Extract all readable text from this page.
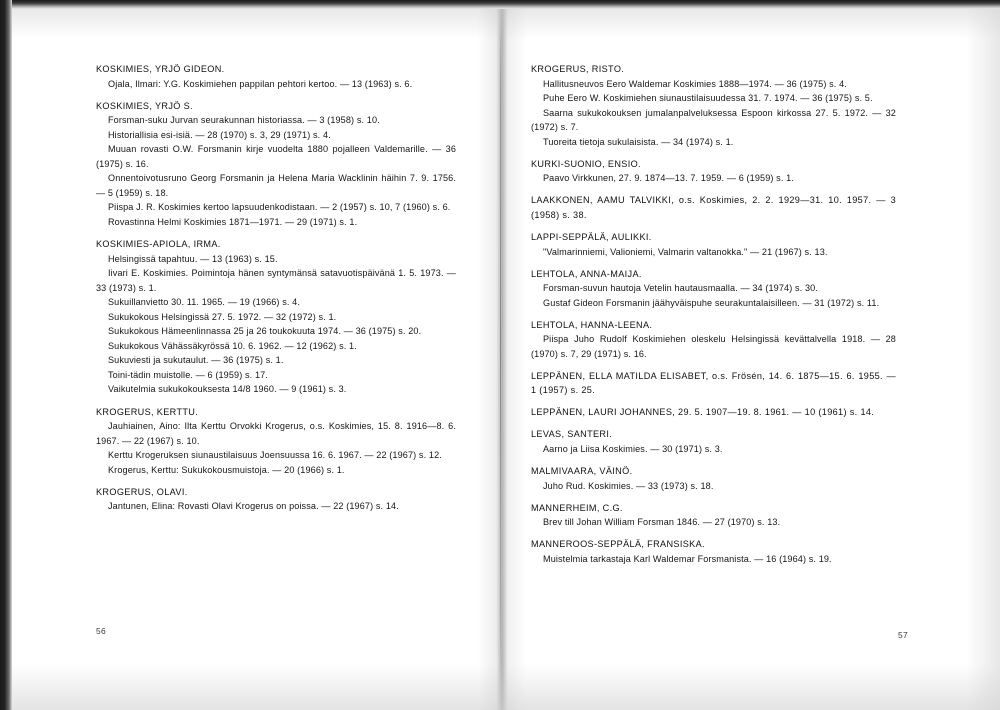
KOSKIMIES, YRJÖ GIDEON.

Ojala, Ilmari: Y.G. Koskimiehen pappilan pehtori kertoo. — 13 (1963) s. 6.

KOSKIMIES, YRJÖ S.

Forsman-suku Jurvan seurakunnan historiassa. — 3 (1958) s. 10.

Historiallisia esi-isiä. — 28 (1970) s. 3, 29 (1971) s. 4.

Muuan rovasti O.W. Forsmanin kirje vuodelta 1880 pojalleen Valdemarille. — 36 (1975) s. 16.

Onnentoivotusruno Georg Forsmanin ja Helena Maria Wacklinin häihin 7. 9. 1756. — 5 (1959) s. 18.

Piispa J. R. Koskimies kertoo lapsuudenkodistaan. — 2 (1957) s. 10, 7 (1960) s. 6.

Rovastinna Helmi Koskimies 1871—1971. — 29 (1971) s. 1.

KOSKIMIES-APIOLA, IRMA.

Helsingissä tapahtuu. — 13 (1963) s. 15.

Iivari E. Koskimies. Poimintoja hänen syntymänsä satavuotispäivänä 1. 5. 1973. — 33 (1973) s. 1.

Sukuillanvietto 30. 11. 1965. — 19 (1966) s. 4.

Sukukokous Helsingissä 27. 5. 1972. — 32 (1972) s. 1.

Sukukokous Hämeenlinnassa 25 ja 26 toukokuuta 1974. — 36 (1975) s. 20.

Sukukokous Vähässäkyrössä 10. 6. 1962. — 12 (1962) s. 1.

Sukuviesti ja sukutaulut. — 36 (1975) s. 1.

Toini-tädin muistolle. — 6 (1959) s. 17.

Vaikutelmia sukukokouksesta 14/8 1960. — 9 (1961) s. 3.

KROGERUS, KERTTU.

Jauhiainen, Aino: Ilta Kerttu Orvokki Krogerus, o.s. Koskimies, 15. 8. 1916—8. 6. 1967. — 22 (1967) s. 10.

Kerttu Krogeruksen siunaustilaisuus Joensuussa 16. 6. 1967. — 22 (1967) s. 12.

Krogerus, Kerttu: Sukukokousmuistoja. — 20 (1966) s. 1.

KROGERUS, OLAVI.

Jantunen, Elina: Rovasti Olavi Krogerus on poissa. — 22 (1967) s. 14.

KROGERUS, RISTO.

Hallitusneuvos Eero Waldemar Koskimies 1888—1974. — 36 (1975) s. 4.

Puhe Eero W. Koskimiehen siunaustilaisuudessa 31. 7. 1974. — 36 (1975) s. 5.

Saarna sukukokouksen jumalanpalveluksessa Espoon kirkossa 27. 5. 1972. — 32 (1972) s. 7.

Tuoreita tietoja sukulaisista. — 34 (1974) s. 1.

KURKI-SUONIO, ENSIO.

Paavo Virkkunen, 27. 9. 1874—13. 7. 1959. — 6 (1959) s. 1.

LAAKKONEN, AAMU TALVIKKI, o.s. Koskimies, 2. 2. 1929—31. 10. 1957. — 3 (1958) s. 38.

LAPPI-SEPPÄLÄ, AULIKKI.

"Valmarinniemi, Valioniemi, Valmarin valtanokka." — 21 (1967) s. 13.

LEHTOLA, ANNA-MAIJA.

Forsman-suvun hautoja Vetelin hautausmaalla. — 34 (1974) s. 30.

Gustaf Gideon Forsmanin jäähyväispuhe seurakuntalaisilleen. — 31 (1972) s. 11.

LEHTOLA, HANNA-LEENA.

Piispa Juho Rudolf Koskimiehen oleskelu Helsingissä kevättalvella 1918. — 28 (1970) s. 7, 29 (1971) s. 16.

LEPPÄNEN, ELLA MATILDA ELISABET, o.s. Frösén, 14. 6. 1875—15. 6. 1955. — 1 (1957) s. 25.

LEPPÄNEN, LAURI JOHANNES, 29. 5. 1907—19. 8. 1961. — 10 (1961) s. 14.

LEVAS, SANTERI.

Aarno ja Liisa Koskimies. — 30 (1971) s. 3.

MALMIVAARA, VÄINÖ.

Juho Rud. Koskimies. — 33 (1973) s. 18.

MANNERHEIM, C.G.

Brev till Johan William Forsman 1846. — 27 (1970) s. 13.

MANNEROOS-SEPPÄLÄ, FRANSISKA.

Muistelmia tarkastaja Karl Waldemar Forsmanista. — 16 (1964) s. 19.

56	57
